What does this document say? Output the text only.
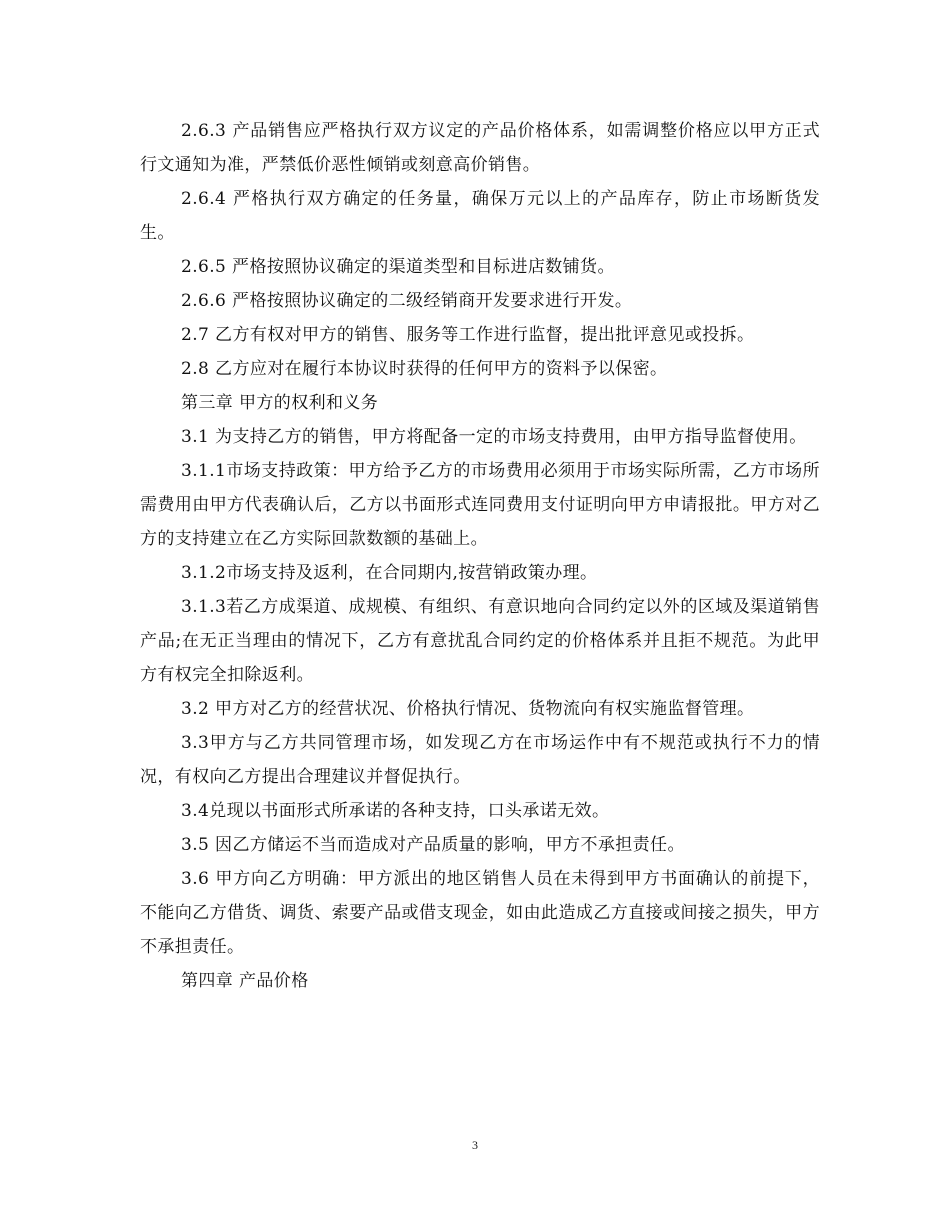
2.6.3 产品销售应严格执行双方议定的产品价格体系，如需调整价格应以甲方正式行文通知为准，严禁低价恶性倾销或刻意高价销售。

2.6.4 严格执行双方确定的任务量，确保万元以上的产品库存，防止市场断货发生。

2.6.5 严格按照协议确定的渠道类型和目标进店数铺货。

2.6.6 严格按照协议确定的二级经销商开发要求进行开发。

2.7 乙方有权对甲方的销售、服务等工作进行监督，提出批评意见或投拆。

2.8 乙方应对在履行本协议时获得的任何甲方的资料予以保密。

第三章 甲方的权利和义务

3.1 为支持乙方的销售，甲方将配备一定的市场支持费用，由甲方指导监督使用。

3.1.1市场支持政策：甲方给予乙方的市场费用必须用于市场实际所需，乙方市场所需费用由甲方代表确认后，乙方以书面形式连同费用支付证明向甲方申请报批。甲方对乙方的支持建立在乙方实际回款数额的基础上。

3.1.2市场支持及返利，在合同期内,按营销政策办理。

3.1.3若乙方成渠道、成规模、有组织、有意识地向合同约定以外的区域及渠道销售产品;在无正当理由的情况下，乙方有意扰乱合同约定的价格体系并且拒不规范。为此甲方有权完全扣除返利。

3.2 甲方对乙方的经营状况、价格执行情况、货物流向有权实施监督管理。

3.3甲方与乙方共同管理市场，如发现乙方在市场运作中有不规范或执行不力的情况，有权向乙方提出合理建议并督促执行。

3.4兑现以书面形式所承诺的各种支持，口头承诺无效。

3.5 因乙方储运不当而造成对产品质量的影响，甲方不承担责任。

3.6 甲方向乙方明确：甲方派出的地区销售人员在未得到甲方书面确认的前提下，不能向乙方借货、调货、索要产品或借支现金，如由此造成乙方直接或间接之损失，甲方不承担责任。

第四章 产品价格

3
